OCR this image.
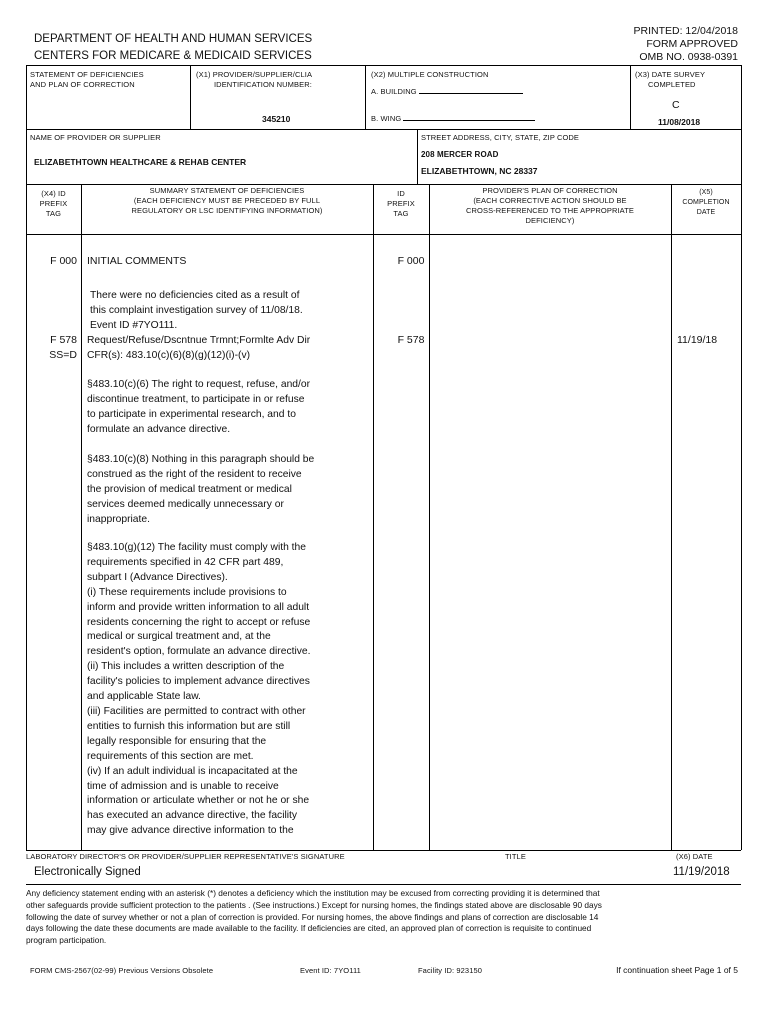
DEPARTMENT OF HEALTH AND HUMAN SERVICES
CENTERS FOR MEDICARE & MEDICAID SERVICES
PRINTED: 12/04/2018
FORM APPROVED
OMB NO. 0938-0391
STATEMENT OF DEFICIENCIES
AND PLAN OF CORRECTION
(X1) PROVIDER/SUPPLIER/CLIA
IDENTIFICATION NUMBER:
345210
(X2) MULTIPLE CONSTRUCTION
A. BUILDING
B. WING
(X3) DATE SURVEY
COMPLETED
C
11/08/2018
NAME OF PROVIDER OR SUPPLIER
ELIZABETHTOWN HEALTHCARE & REHAB CENTER
STREET ADDRESS, CITY, STATE, ZIP CODE
208 MERCER ROAD
ELIZABETHTOWN, NC 28337
(X4) ID
PREFIX
TAG
SUMMARY STATEMENT OF DEFICIENCIES
(EACH DEFICIENCY MUST BE PRECEDED BY FULL
REGULATORY OR LSC IDENTIFYING INFORMATION)
ID
PREFIX
TAG
PROVIDER'S PLAN OF CORRECTION
(EACH CORRECTIVE ACTION SHOULD BE
CROSS-REFERENCED TO THE APPROPRIATE
DEFICIENCY)
(X5)
COMPLETION
DATE
F 000 INITIAL COMMENTS	F 000
There were no deficiencies cited as a result of
this complaint investigation survey of 11/08/18.
Event ID #7YO111.
F 578
SS=D
Request/Refuse/Dscntnue Trmnt;Formlte Adv Dir
CFR(s): 483.10(c)(6)(8)(g)(12)(i)-(v)
F 578	11/19/18
§483.10(c)(6) The right to request, refuse, and/or
discontinue treatment, to participate in or refuse
to participate in experimental research, and to
formulate an advance directive.
§483.10(c)(8) Nothing in this paragraph should be
construed as the right of the resident to receive
the provision of medical treatment or medical
services deemed medically unnecessary or
inappropriate.
§483.10(g)(12) The facility must comply with the
requirements specified in 42 CFR part 489,
subpart I (Advance Directives).
(i) These requirements include provisions to
inform and provide written information to all adult
residents concerning the right to accept or refuse
medical or surgical treatment and, at the
resident's option, formulate an advance directive.
(ii) This includes a written description of the
facility's policies to implement advance directives
and applicable State law.
(iii) Facilities are permitted to contract with other
entities to furnish this information but are still
legally responsible for ensuring that the
requirements of this section are met.
(iv) If an adult individual is incapacitated at the
time of admission and is unable to receive
information or articulate whether or not he or she
has executed an advance directive, the facility
may give advance directive information to the
LABORATORY DIRECTOR'S OR PROVIDER/SUPPLIER REPRESENTATIVE'S SIGNATURE	TITLE	(X6) DATE
Electronically Signed	11/19/2018
Any deficiency statement ending with an asterisk (*) denotes a deficiency which the institution may be excused from correcting providing it is determined that
other safeguards provide sufficient protection to the patients . (See instructions.) Except for nursing homes, the findings stated above are disclosable 90 days
following the date of survey whether or not a plan of correction is provided. For nursing homes, the above findings and plans of correction are disclosable 14
days following the date these documents are made available to the facility. If deficiencies are cited, an approved plan of correction is requisite to continued
program participation.
FORM CMS-2567(02-99) Previous Versions Obsolete	Event ID: 7YO111	Facility ID: 923150	If continuation sheet Page 1 of 5
